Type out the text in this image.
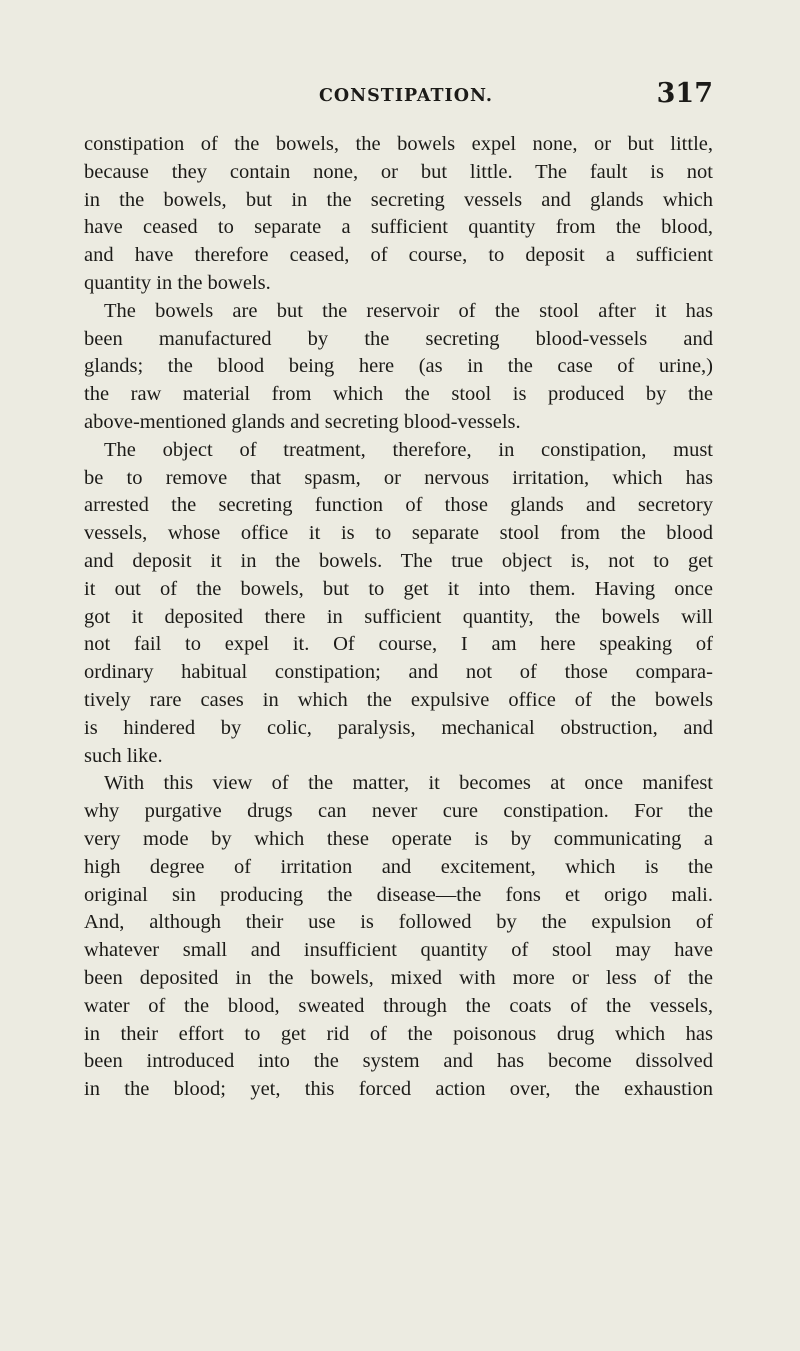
CONSTIPATION.	317
constipation of the bowels, the bowels expel none, or but little,
because they contain none, or but little. The fault is not
in the bowels, but in the secreting vessels and glands which
have ceased to separate a sufficient quantity from the blood,
and have therefore ceased, of course, to deposit a sufficient
quantity in the bowels.
The bowels are but the reservoir of the stool after it has
been manufactured by the secreting blood-vessels and
glands; the blood being here (as in the case of urine,)
the raw material from which the stool is produced by the
above-mentioned glands and secreting blood-vessels.
The object of treatment, therefore, in constipation, must
be to remove that spasm, or nervous irritation, which has
arrested the secreting function of those glands and secretory
vessels, whose office it is to separate stool from the blood
and deposit it in the bowels. The true object is, not to get
it out of the bowels, but to get it into them. Having once
got it deposited there in sufficient quantity, the bowels will
not fail to expel it. Of course, I am here speaking of
ordinary habitual constipation; and not of those compara-
tively rare cases in which the expulsive office of the bowels
is hindered by colic, paralysis, mechanical obstruction, and
such like.
With this view of the matter, it becomes at once manifest
why purgative drugs can never cure constipation. For the
very mode by which these operate is by communicating a
high degree of irritation and excitement, which is the
original sin producing the disease—the fons et origo mali.
And, although their use is followed by the expulsion of
whatever small and insufficient quantity of stool may have
been deposited in the bowels, mixed with more or less of the
water of the blood, sweated through the coats of the vessels,
in their effort to get rid of the poisonous drug which has
been introduced into the system and has become dissolved
in the blood; yet, this forced action over, the exhaustion
